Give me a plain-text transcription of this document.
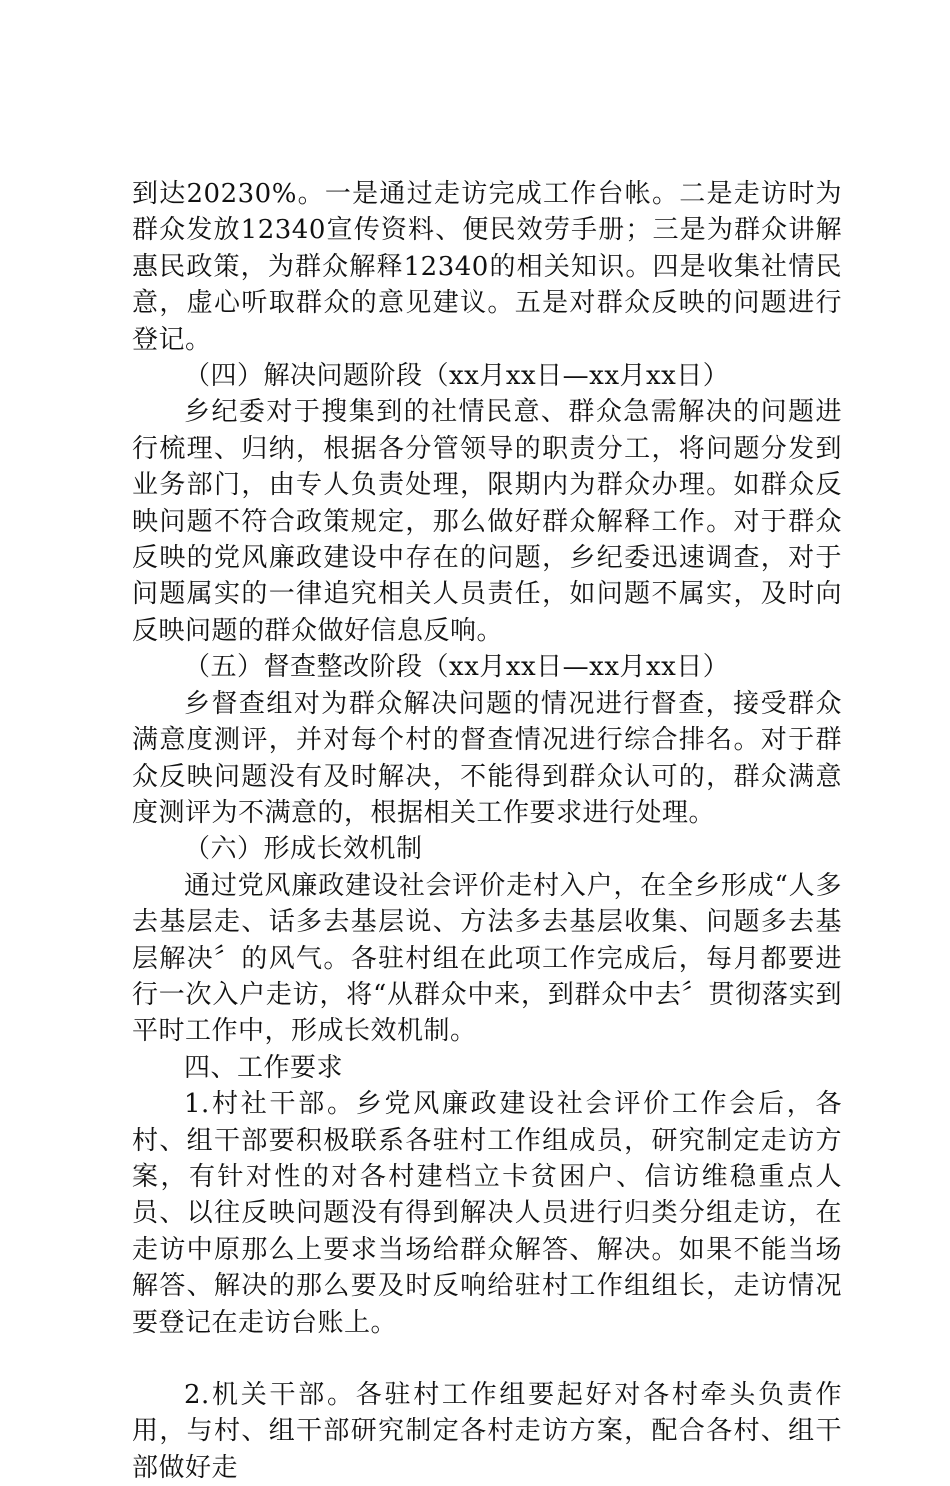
到达20230%。一是通过走访完成工作台帐。二是走访时为群众发放12340宣传资料、便民效劳手册；三是为群众讲解惠民政策，为群众解释12340的相关知识。四是收集社情民意，虚心听取群众的意见建议。五是对群众反映的问题进行登记。

（四）解决问题阶段（xx月xx日—xx月xx日）

乡纪委对于搜集到的社情民意、群众急需解决的问题进行梳理、归纳，根据各分管领导的职责分工，将问题分发到业务部门，由专人负责处理，限期内为群众办理。如群众反映问题不符合政策规定，那么做好群众解释工作。对于群众反映的党风廉政建设中存在的问题，乡纪委迅速调查，对于问题属实的一律追究相关人员责任，如问题不属实，及时向反映问题的群众做好信息反响。

（五）督查整改阶段（xx月xx日—xx月xx日）

乡督查组对为群众解决问题的情况进行督查，接受群众满意度测评，并对每个村的督查情况进行综合排名。对于群众反映问题没有及时解决，不能得到群众认可的，群众满意度测评为不满意的，根据相关工作要求进行处理。

（六）形成长效机制

通过党风廉政建设社会评价走村入户，在全乡形成“人多去基层走、话多去基层说、方法多去基层收集、问题多去基层解决〞的风气。各驻村组在此项工作完成后，每月都要进行一次入户走访，将“从群众中来，到群众中去〞贯彻落实到平时工作中，形成长效机制。

四、工作要求

1.村社干部。乡党风廉政建设社会评价工作会后，各村、组干部要积极联系各驻村工作组成员，研究制定走访方案，有针对性的对各村建档立卡贫困户、信访维稳重点人员、以往反映问题没有得到解决人员进行归类分组走访，在走访中原那么上要求当场给群众解答、解决。如果不能当场解答、解决的那么要及时反响给驻村工作组组长，走访情况要登记在走访台账上。

2.机关干部。各驻村工作组要起好对各村牵头负责作用，与村、组干部研究制定各村走访方案，配合各村、组干部做好走
